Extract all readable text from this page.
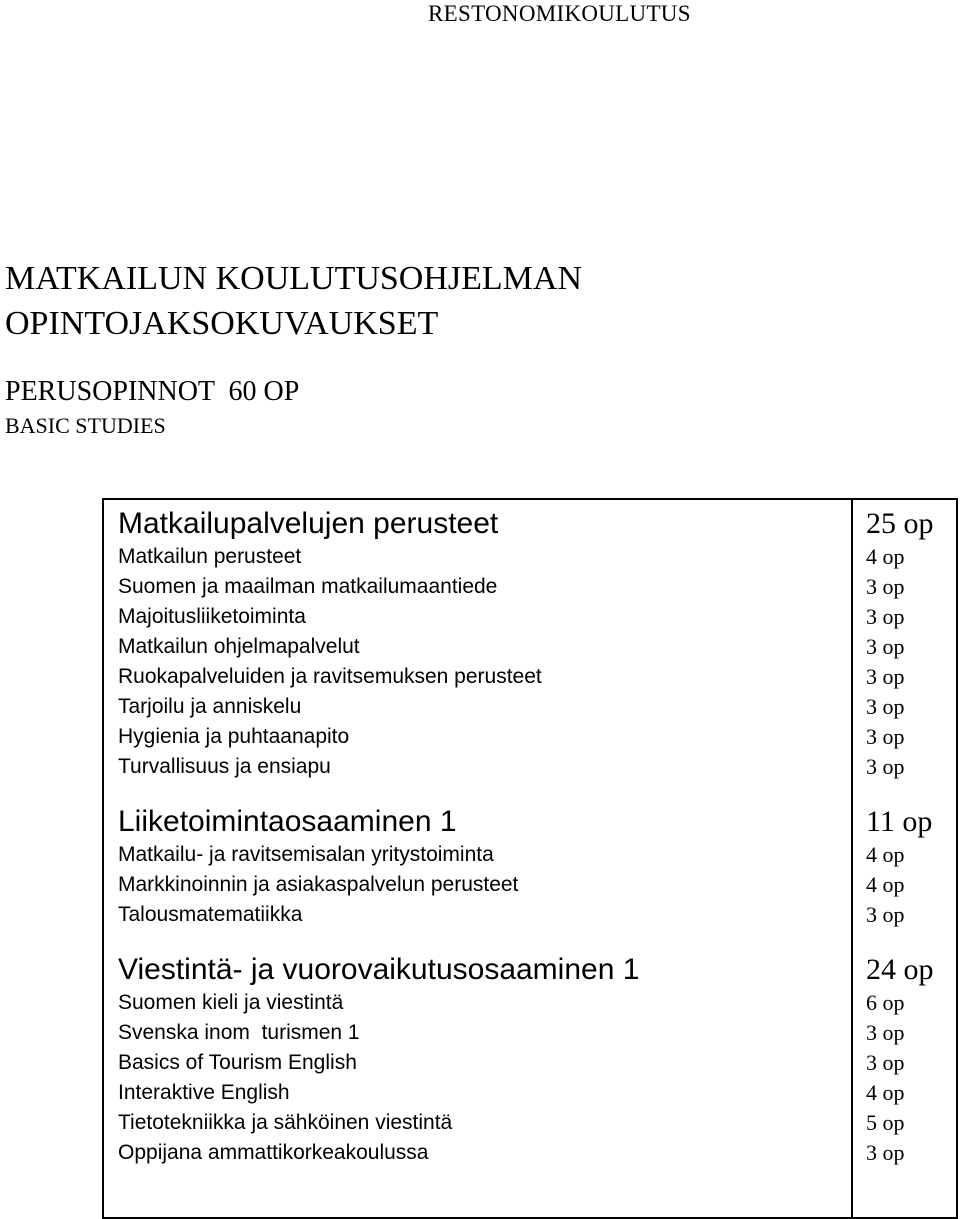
RESTONOMIKOULUTUS
MATKAILUN KOULUTUSOHJELMAN
OPINTOJAKSOKUVAUKSET
PERUSOPINNOT  60 OP
BASIC STUDIES
Matkailupalvelujen perusteet
Matkailun perusteet
Suomen ja maailman matkailumaantiede
Majoitusliiketoiminta
Matkailun ohjelmapalvelut
Ruokapalveluiden ja ravitsemuksen perusteet
Tarjoilu ja anniskelu
Hygienia ja puhtaanapito
Turvallisuus ja ensiapu
Liiketoimintaosaaminen 1
Matkailu- ja ravitsemisalan yritystoiminta
Markkinoinnin ja asiakaspalvelun perusteet
Talousmatematiikka
Viestintä- ja vuorovaikutusosaaminen 1
Suomen kieli ja viestintä
Svenska inom  turismen 1
Basics of Tourism English
Interaktive English
Tietotekniikka ja sähköinen viestintä
Oppijana ammattikorkeakoulussa
25 op
4 op
3 op
3 op
3 op
3 op
3 op
3 op
3 op
11 op
4 op
4 op
3 op
24 op
6 op
3 op
3 op
4 op
5 op
3 op
